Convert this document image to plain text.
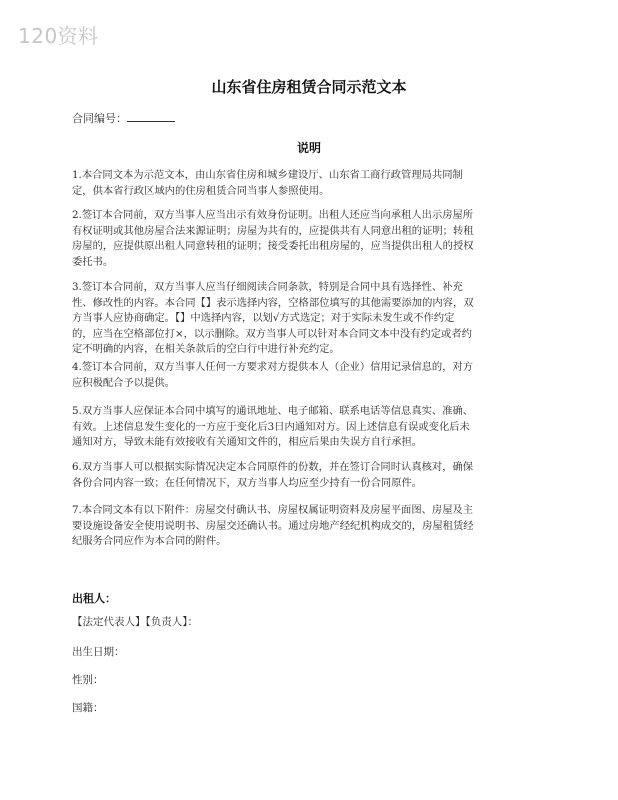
120资料
山东省住房租赁合同示范文本
合同编号：
说明
1.本合同文本为示范文本，由山东省住房和城乡建设厅、山东省工商行政管理局共同制
定，供本省行政区域内的住房租赁合同当事人参照使用。
2.签订本合同前，双方当事人应当出示有效身份证明。出租人还应当向承租人出示房屋所
有权证明或其他房屋合法来源证明；房屋为共有的，应提供共有人同意出租的证明；转租
房屋的，应提供原出租人同意转租的证明；接受委托出租房屋的，应当提供出租人的授权
委托书。
3.签订本合同前，双方当事人应当仔细阅读合同条款，特别是合同中具有选择性、补充
性、修改性的内容。本合同【】表示选择内容，空格部位填写的其他需要添加的内容，双
方当事人应协商确定。【】中选择内容，以划√方式选定；对于实际未发生或不作约定
的，应当在空格部位打×，以示删除。双方当事人可以针对本合同文本中没有约定或者约
定不明确的内容，在相关条款后的空白行中进行补充约定。
4.签订本合同前，双方当事人任何一方要求对方提供本人（企业）信用记录信息的，对方
应积极配合予以提供。
5.双方当事人应保证本合同中填写的通讯地址、电子邮箱、联系电话等信息真实、准确、
有效。上述信息发生变化的一方应于变化后3日内通知对方。因上述信息有误或变化后未
通知对方，导致未能有效接收有关通知文件的，相应后果由失误方自行承担。
6.双方当事人可以根据实际情况决定本合同原件的份数，并在签订合同时认真核对，确保
各份合同内容一致；在任何情况下，双方当事人均应至少持有一份合同原件。
7.本合同文本有以下附件：房屋交付确认书、房屋权属证明资料及房屋平面图、房屋及主
要设施设备安全使用说明书、房屋交还确认书。通过房地产经纪机构成交的，房屋租赁经
纪服务合同应作为本合同的附件。
出租人：
【法定代表人】【负责人】：
出生日期：
性别：
国籍：
